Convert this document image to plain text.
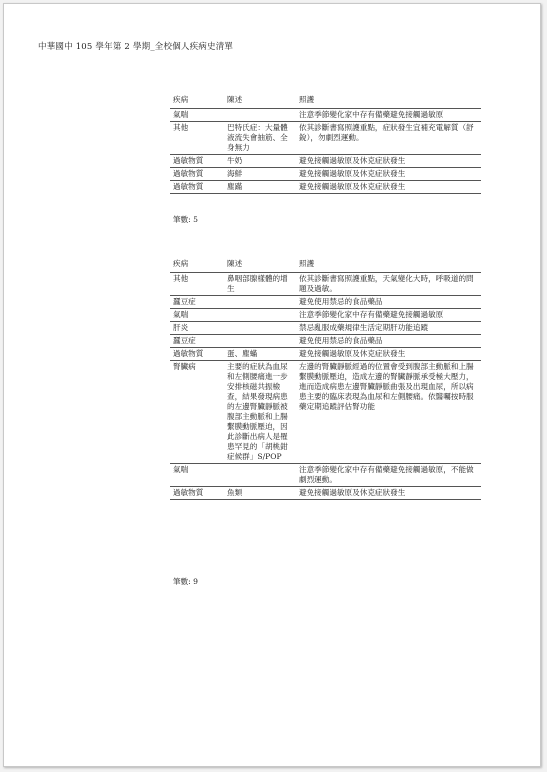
中華國中 105 學年第 2 學期_全校個人疾病史清單
疾病	陳述	照護
氣喘		注意季節變化家中存有備藥避免接觸過敏原
其他	巴特氏症：大量體液流失會抽筋、全身無力	依其診斷書寫照護重點，症狀發生宜補充電解質（舒銳），勿劇烈運動。
過敏物質	牛奶	避免接觸過敏原及休克症狀發生
過敏物質	海鮮	避免接觸過敏原及休克症狀發生
過敏物質	塵蹣	避免接觸過敏原及休克症狀發生
筆數: 5
疾病	陳述	照護
其他	鼻咽部腺樣體的增生	依其診斷書寫照護重點，天氣變化大時，呼吸道的問題及過敏。
蠶豆症		避免使用禁忌的食品藥品
氣喘		注意季節變化家中存有備藥避免接觸過敏原
肝炎		禁忌亂服成藥規律生活定期肝功能追蹤
蠶豆症		避免使用禁忌的食品藥品
過敏物質	蛋、塵蟎	避免接觸過敏原及休克症狀發生
腎臟病	主要的症狀為血尿和左側腰痛進一步安排核磁共振檢查，結果發現病患的左邊腎臟靜脈被腹部主動脈和上腸繫膜動脈壓迫，因此診斷出病人是罹患罕見的「胡桃鉗症候群」S/POP	左邊的腎臟靜脈經過的位置會受到腹部主動脈和上腸繫膜動脈壓迫，造成左邊的腎臟靜脈承受極大壓力，進而造成病患左邊腎臟靜脈曲張及出現血尿，所以病患主要的臨床表現為血尿和左側腰痛。依醫囑按時服藥定期追蹤評估腎功能
氣喘		注意季節變化家中存有備藥避免接觸過敏原，不能做劇烈運動。
過敏物質	魚類	避免接觸過敏原及休克症狀發生
筆數: 9
